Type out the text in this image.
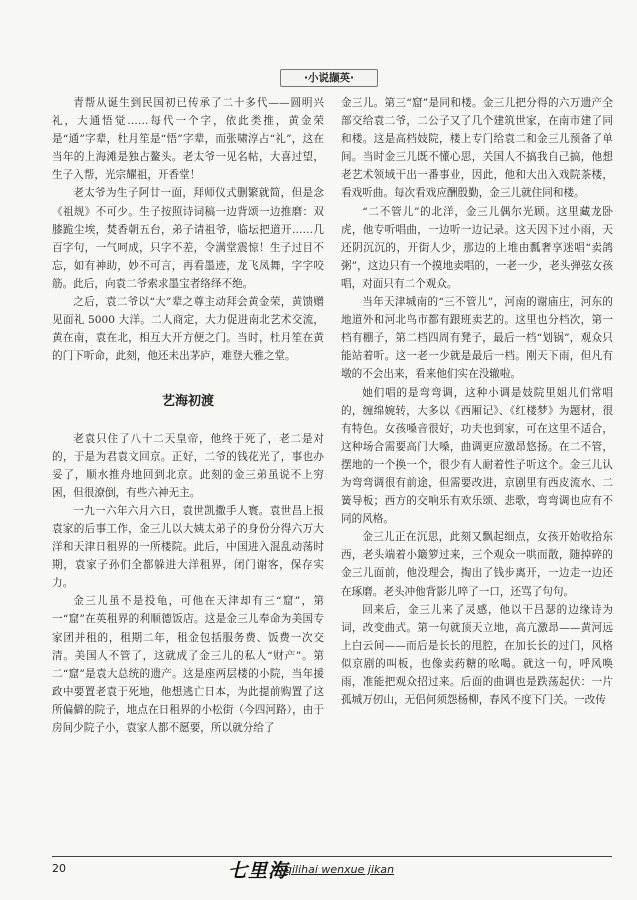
·小说撷英·

青帮从诞生到民国初已传承了二十多代——圆明兴礼，大通悟觉……每代一个字，依此类推，黄金荣是“通”字辈，杜月笙是“悟”字辈，而张啸淳占“礼”，这在当年的上海滩是独占鳌头。老太爷一见名帖，大喜过望，生子入帮，光宗耀祖，开香堂！

老太爷为生子阿廿一面，拜师仪式删繁就简，但是念《祖规》不可少。生子按照诗词稿一边背颂一边推磨：双膝跪尘埃，焚香朝五台，弟子请祖爷，临坛把道开……几百字句，一气呵成，只字不差，令满堂震惊！生子过目不忘，如有神助，妙不可言，再看墨迹，龙飞凤舞，字字咬筋。此后，向袁二爷索求墨宝者络绎不绝。

之后，袁二爷以“大”辈之尊主动拜会黄金荣，黄馈赠见面礼 5000 大洋。二人商定，大力促进南北艺术交流，黄在南，袁在北，相互大开方便之门。当时，杜月笙在黄的门下听命，此刻，他还未出茅庐，难登大雅之堂。

艺海初渡

老袁只住了八十二天皇帝，他终于死了，老二是对的，于是为君袁文回京。正好，二爷的钱花光了，事也办妥了，顺水推舟地回到北京。此刻的金三弟虽说不上穷困，但很潦倒，有些六神无主。

一九一六年六月六日，袁世凯撒手人寰。袁世昌上报袁家的后事工作，金三儿以大姨太弟子的身份分得六万大洋和天津日租界的一所楼院。此后，中国进入混乱动荡时期，袁家子孙们全都躲进大洋租界，闭门谢客，保存实力。

金三儿虽不是投龟，可他在天津却有三“窟”，第一“窟”在英租界的利顺德饭店。这是金三儿奉命为美国专家团并租的，租期二年，租金包括服务费、饭费一次交清。美国人不管了，这就成了金三儿的私人“财产”。第二“窟”是袁大总统的遗产。这是座两层楼的小院，当年援政中要置老袁于死地，他想逃亡日本，为此提前购置了这所偏僻的院子，地点在日租界的小松街（今四河路），由于房间少院子小，袁家人都不愿要，所以就分给了

金三儿。第三“窟”是同和楼。金三儿把分得的六万遗产全部交给袁二爷，二公子又了几个建筑世家，在南市建了同和楼。这是高档妓院，楼上专门给袁二和金三儿预备了单间。当时金三儿既不懂心思，关国人不搞我自己搞，他想老艺术领域干出一番事业，因此，他和大出入戏院茶楼，看戏听曲。每次看戏应酬殷勤，金三儿就住同和楼。

“二不管儿”的北洋，金三儿偶尔光顾。这里藏龙卧虎，他专听唱曲，一边听一边记录。这天因下过小雨，天还阴沉沉的，开街人少，那边的上堆由瓢奢享迷唱“卖鸽粥”，这边只有一个摸地卖唱的，一老一少，老头弹弦女孩唱，对面只有二个观众。

当年天津城南的“三不管儿”，河南的谢庙庄，河东的地道外和河北鸟市都有跟班卖艺的。这里也分档次，第一档有棚子，第二档四周有凳子，最后一档“划锅”，观众只能站着听。这一老一少就是最后一档。刚天下雨，但凡有墩的不会出来，看来他们实在没辙啦。

她们唱的是弯弯调，这种小调是妓院里姐儿们常唱的，缠绵婉转，大多以《西厢记》、《红楼梦》为题材，很有特色。女孩嗓音很好，功夫也到家，可在这里不适合，这种场合需要高门大嗓，曲调更应激昂悠扬。在二不管，摆地的一个换一个，很少有人耐着性子听这个。金三儿认为弯弯调很有前途，但需要改进，京剧里有西皮流水、二簧导板；西方的交响乐有欢乐颂、悲歌，弯弯调也应有不同的风格。

金三儿正在沉思，此刻又飘起细点，女孩开始收拾东西，老头端着小簸箩过来，三个观众一哄而散，随掉碎的金三儿面前，他没理会，掏出了钱步离开，一边走一边还在琢磨。老头冲他背影儿啐了一口，还骂了句句。

回来后，金三儿来了灵感，他以干吕瑟的边缘诗为词，改变曲式。第一句就顶天立地，高亢激昂——黄河远上白云间——而后是长长的甩腔，在加长长的过门，风格似京剧的叫板，也像卖药糖的吆喝。就这一句，呼风唤雨，准能把观众招过来。后面的曲调也是跌荡起伏：一片孤城万仞山，无侣何须怨杨柳，春风不度下门关。一改传

20	七里海
qilihai wenxue jikan
